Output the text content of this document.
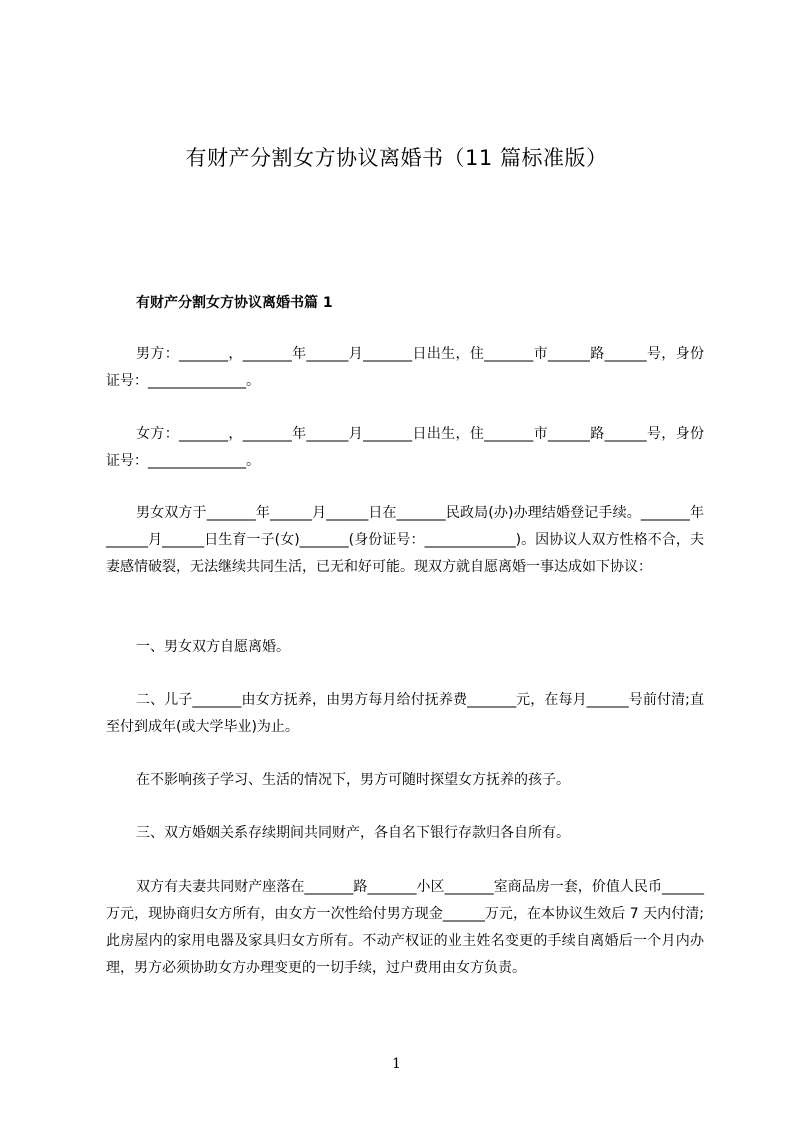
有财产分割女方协议离婚书（11 篇标准版）
有财产分割女方协议离婚书篇 1
男方：_______，_______年______月_______日出生，住_______市______路______号，身份证号：______________。
女方：_______，_______年______月_______日出生，住_______市______路______号，身份证号：______________。
男女双方于_______年______月______日在_______民政局(办)办理结婚登记手续。_______年______月______日生育一子(女)_______(身份证号：_____________)。因协议人双方性格不合，夫妻感情破裂，无法继续共同生活，已无和好可能。现双方就自愿离婚一事达成如下协议：
一、男女双方自愿离婚。
二、儿子_______由女方抚养，由男方每月给付抚养费_______元，在每月______号前付清;直至付到成年(或大学毕业)为止。
在不影响孩子学习、生活的情况下，男方可随时探望女方抚养的孩子。
三、双方婚姻关系存续期间共同财产，各自名下银行存款归各自所有。
双方有夫妻共同财产座落在_______路_______小区_______室商品房一套，价值人民币______万元，现协商归女方所有，由女方一次性给付男方现金______万元，在本协议生效后 7 天内付清;此房屋内的家用电器及家具归女方所有。不动产权证的业主姓名变更的手续自离婚后一个月内办理，男方必须协助女方办理变更的一切手续，过户费用由女方负责。
1
